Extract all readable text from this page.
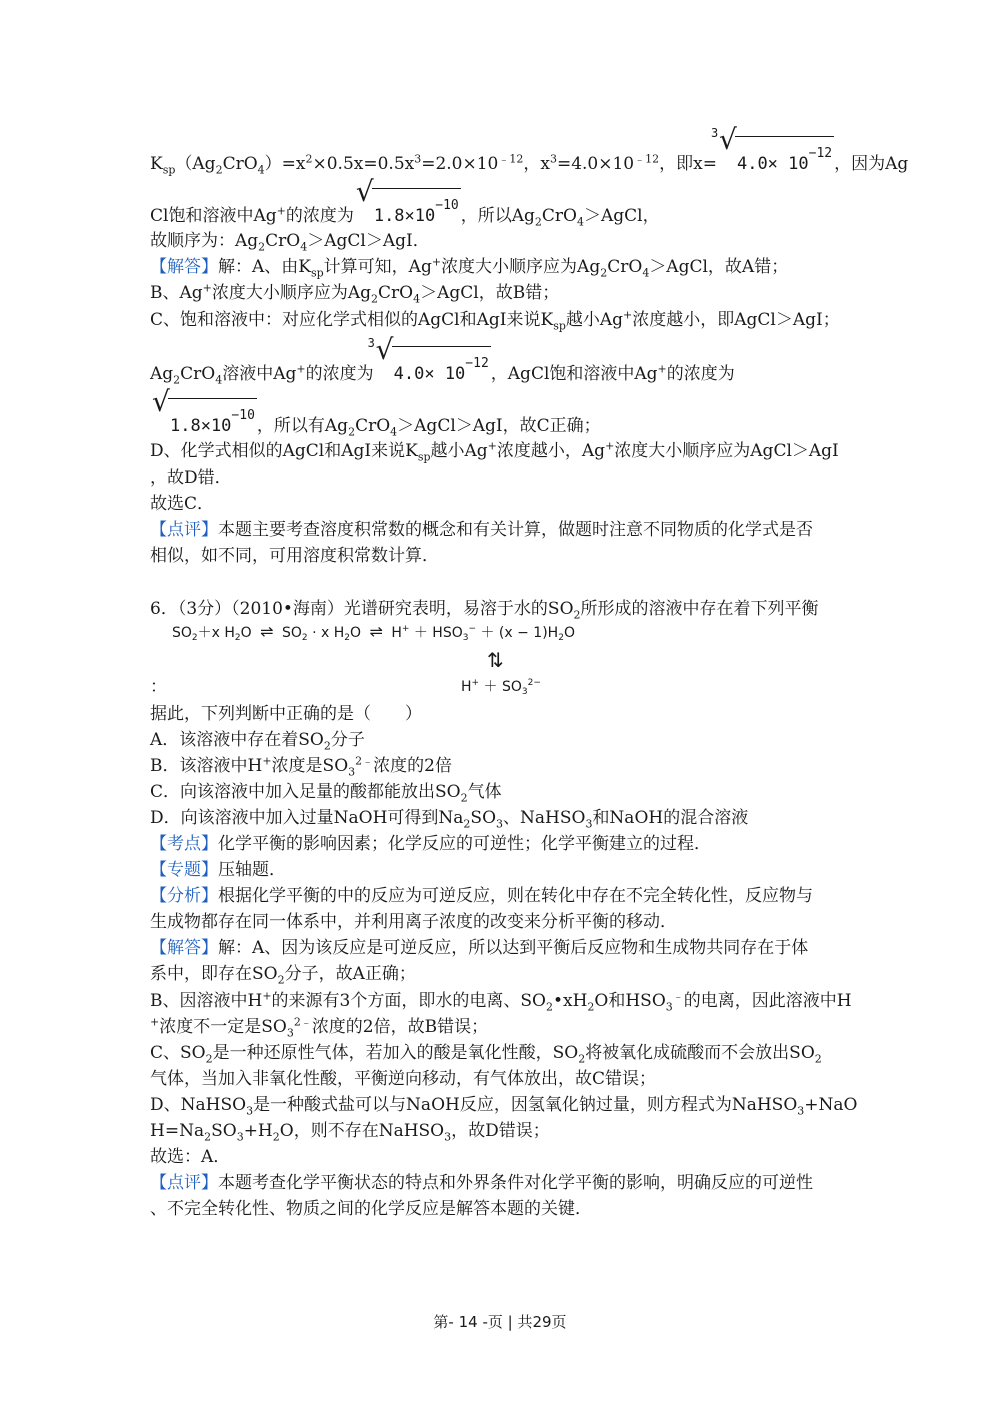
$K_{sp}(Ag_2CrO_4)=x^2\times 0.5x=0.5x^3=2.0\times 10^{﹣12}$，$x^3=4.0\times 10^{﹣12}$，即x=
3 √
$4.0\times 10^{-12}$，因为Ag
Cl饱和溶液中Ag+的浓度为
√
$1.8\times 10^{-10}$，所以$Ag_2CrO_4>AgCl$，
故顺序为：$Ag_2CrO_4>AgCl>AgI$．
【解答】解：A、由$K_{sp}$计算可知，Ag+浓度大小顺序应为$Ag_2CrO_4>AgCl$，故A错；
B、Ag+浓度大小顺序应为$Ag_2CrO_4>AgCl$，故B错；
C、饱和溶液中：对应化学式相似的AgCl和AgI来说$K_{sp}$越小Ag+浓度越小，即AgCl＞AgI；
$Ag_2CrO_4$溶液中Ag+的浓度为
3 √
$4.0\times 10^{-12}$，AgCl饱和溶液中Ag+的浓度为
√
$1.8\times 10^{-10}$，所以有$Ag_2CrO_4>AgCl>AgI$，故C正确；
D、化学式相似的AgCl和AgI来说$K_{sp}$越小Ag+浓度越小，Ag+浓度大小顺序应为AgCl＞AgI
，故D错．
故选C．
【点评】本题主要考查溶度积常数的概念和有关计算，做题时注意不同物质的化学式是否
相似，如不同，可用溶度积常数计算．
6．（3分）（2010•海南）光谱研究表明，易溶于水的$SO_2$所形成的溶液中存在着下列平衡
$SO_2+x$ $H_2O$ ⇌ $SO_2 \cdot x$ $H_2O$ ⇌ $H^+ + HSO_3^- + (x - 1)H_2O$
⇅
$H^+ + SO_3^{2-}$
：
据此，下列判断中正确的是（　　）
A．该溶液中存在着$SO_2$分子
B．该溶液中H+浓度是$SO_3^{2﹣}$浓度的2倍
C．向该溶液中加入足量的酸都能放出$SO_2$气体
D．向该溶液中加入过量NaOH可得到$Na_2SO_3$、NaHSO$_3$和NaOH的混合溶液
【考点】化学平衡的影响因素；化学反应的可逆性；化学平衡建立的过程．
【专题】压轴题．
【分析】根据化学平衡的中的反应为可逆反应，则在转化中存在不完全转化性，反应物与
生成物都存在同一体系中，并利用离子浓度的改变来分析平衡的移动．
【解答】解：A、因为该反应是可逆反应，所以达到平衡后反应物和生成物共同存在于体
系中，即存在$SO_2$分子，故A正确；
B、因溶液中H+的来源有3个方面，即水的电离、$SO_2•xH_2O$和$HSO_3^﹣$的电离，因此溶液中H
+浓度不一定是$SO_3^{2﹣}$浓度的2倍，故B错误；
C、$SO_2$是一种还原性气体，若加入的酸是氧化性酸，$SO_2$将被氧化成硫酸而不会放出$SO_2$
气体，当加入非氧化性酸，平衡逆向移动，有气体放出，故C错误；
D、NaHSO$_3$是一种酸式盐可以与NaOH反应，因氢氧化钠过量，则方程式为NaHSO$_3$+NaO
$H=Na_2SO_3+H_2O$，则不存在NaHSO$_3$，故D错误；
故选：A．
【点评】本题考查化学平衡状态的特点和外界条件对化学平衡的影响，明确反应的可逆性
、不完全转化性、物质之间的化学反应是解答本题的关键．
第- 14 -页 | 共29页
